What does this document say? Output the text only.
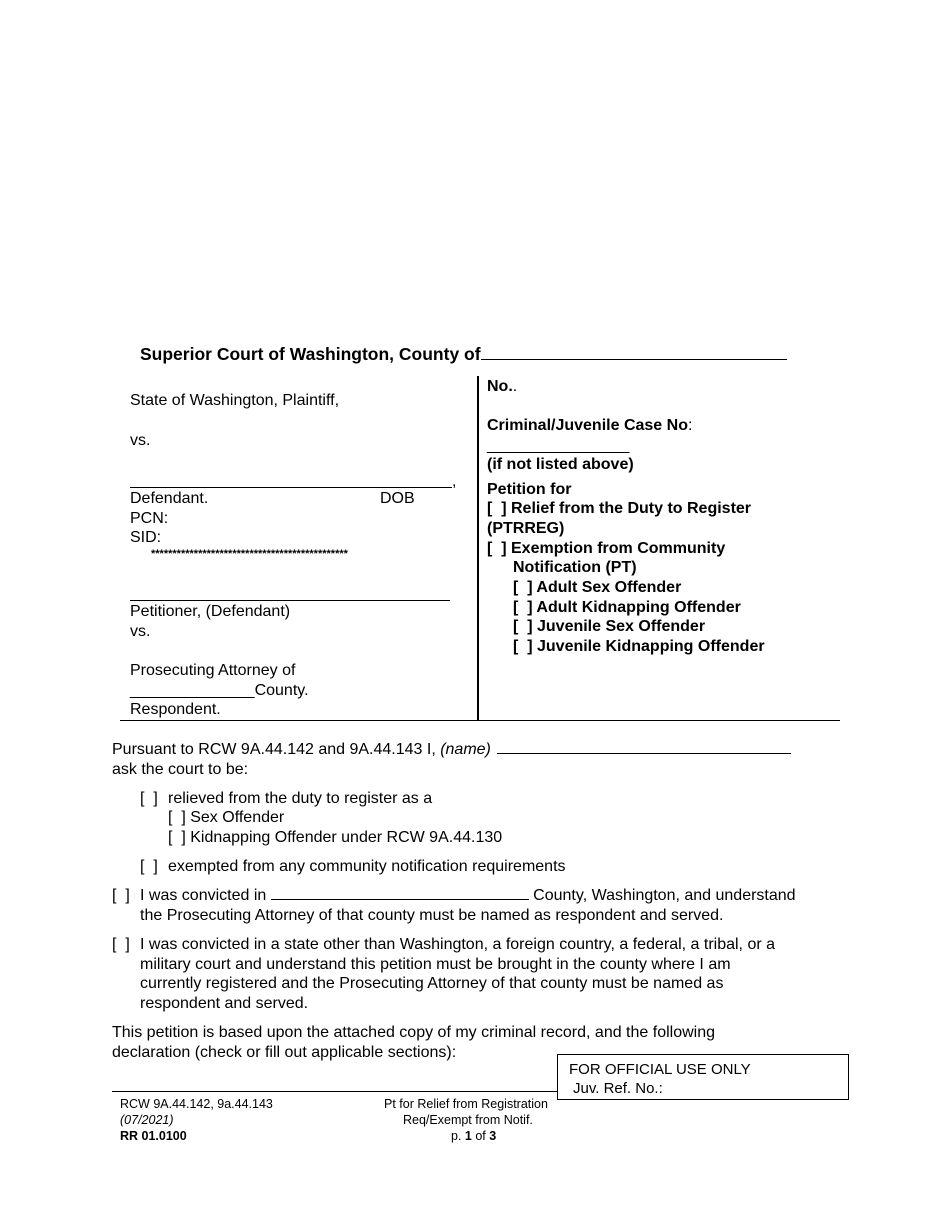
Superior Court of Washington, County of
State of Washington, Plaintiff,
vs.
,
Defendant.	DOB
PCN:
SID:
**********************************************
Petitioner, (Defendant)
vs.
Prosecuting Attorney of
______________County.
Respondent.
No..
Criminal/Juvenile Case No:
________________
(if not listed above)
Petition for
[  ] Relief from the Duty to Register
(PTRREG)
[  ] Exemption from Community
Notification (PT)
[  ] Adult Sex Offender
[  ] Adult Kidnapping Offender
[  ] Juvenile Sex Offender
[  ] Juvenile Kidnapping Offender
Pursuant to RCW 9A.44.142 and 9A.44.143 I, (name)
ask the court to be:
[  ] relieved from the duty to register as a
[  ] Sex Offender
[  ] Kidnapping Offender under RCW 9A.44.130
[  ] exempted from any community notification requirements
[  ] I was convicted in	County, Washington, and understand
the Prosecuting Attorney of that county must be named as respondent and served.
[  ] I was convicted in a state other than Washington, a foreign country, a federal, a tribal, or a
military court and understand this petition must be brought in the county where I am
currently registered and the Prosecuting Attorney of that county must be named as
respondent and served.
This petition is based upon the attached copy of my criminal record, and the following
declaration (check or fill out applicable sections):
FOR OFFICIAL USE ONLY
Juv. Ref. No.:
RCW 9A.44.142, 9a.44.143
(07/2021)
RR 01.0100
Pt for Relief from Registration
Req/Exempt from Notif.
p. 1 of 3
